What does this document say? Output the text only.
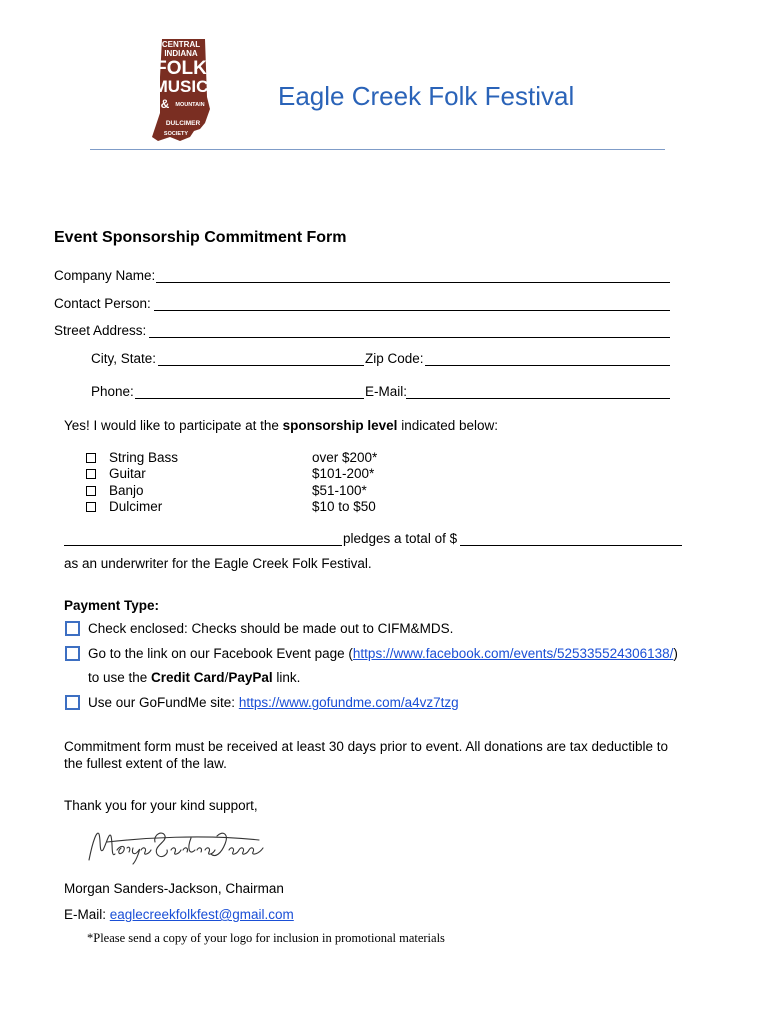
CENTRAL
INDIANA
FOLK
MUSIC
& MOUNTAIN
DULCIMER
SOCIETY
Eagle Creek Folk Festival
Event Sponsorship Commitment Form
Company Name:
Contact Person:
Street Address:
City, State:	Zip Code:
Phone:	E-Mail:
Yes! I would like to participate at the sponsorship level indicated below:
String Bass	over $200*
Guitar	$101-200*
Banjo	$51-100*
Dulcimer	$10 to $50
pledges a total of $
as an underwriter for the Eagle Creek Folk Festival.
Payment Type:
Check enclosed: Checks should be made out to CIFM&MDS.
Go to the link on our Facebook Event page (https://www.facebook.com/events/525335524306138/)
to use the Credit Card/PayPal link.
Use our GoFundMe site: https://www.gofundme.com/a4vz7tzg
Commitment form must be received at least 30 days prior to event. All donations are tax deductible to
the fullest extent of the law.
Thank you for your kind support,
Morgan Sanders-Jackson, Chairman
E-Mail: eaglecreekfolkfest@gmail.com
*Please send a copy of your logo for inclusion in promotional materials
